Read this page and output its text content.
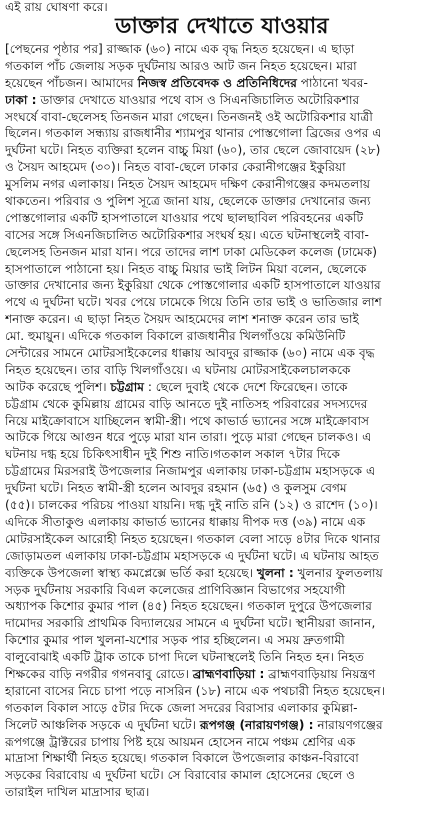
এই রায় ঘোষণা করে।
ডাক্তার দেখাতে যাওয়ার
[পেছনের পৃষ্ঠার পর] রাজ্জাক (৬০) নামে এক বৃদ্ধ নিহত হয়েছেন। এ ছাড়া
গতকাল পাঁচ জেলায় সড়ক দুর্ঘটনায় আরও আট জন নিহত হয়েছেন। মারা
হয়েছেন পাঁচজন। আমাদের নিজস্ব প্রতিবেদক ও প্রতিনিধিদের পাঠানো খবর-
ঢাকা : ডাক্তার দেখাতে যাওয়ার পথে বাস ও সিএনজিচালিত অটোরিকশার
সংঘর্ষে বাবা-ছেলেসহ তিনজন মারা গেছেন। তিনজনই ওই অটোরিকশার যাত্রী
ছিলেন। গতকাল সন্ধ্যায় রাজধানীর শ্যামপুর থানার পোস্তগোলা ব্রিজের ওপর এ
দুর্ঘটনা ঘটে। নিহত ব্যক্তিরা হলেন বাচ্চু মিয়া (৬০), তার ছেলে জোবায়েদ (২৮)
ও সৈয়দ আহমেদ (৩০)। নিহত বাবা-ছেলে ঢাকার কেরানীগঞ্জের ইকুরিয়া
মুসলিম নগর এলাকায়। নিহত সৈয়দ আহমেদ দক্ষিণ কেরানীগঞ্জের কদমতলায়
থাকতেন। পরিবার ও পুলিশ সূত্রে জানা যায়, ছেলেকে ডাক্তার দেখানোর জন্য
পোস্তগোলার একটি হাসপাতালে যাওয়ার পথে ছালছাবিল পরিবহনের একটি
বাসের সঙ্গে সিএনজিচালিত অটোরিকশার সংঘর্ষ হয়। এতে ঘটনাস্থলেই বাবা-
ছেলেসহ তিনজন মারা যান। পরে তাদের লাশ ঢাকা মেডিকেল কলেজ (ঢামেক)
হাসপাতালে পাঠানো হয়। নিহত বাচ্চু মিয়ার ভাই লিটন মিয়া বলেন, ছেলেকে
ডাক্তার দেখানোর জন্য ইকুরিয়া থেকে পোস্তগোলার একটি হাসপাতালে যাওয়ার
পথে এ দুর্ঘটনা ঘটে। খবর পেয়ে ঢামেকে গিয়ে তিনি তার ভাই ও ভাতিজার লাশ
শনাক্ত করেন। এ ছাড়া নিহত সৈয়দ আহমেদের লাশ শনাক্ত করেন তার ভাই
মো. হুমায়ুন। এদিকে গতকাল বিকালে রাজধানীর খিলগাঁওয়ে কমিউনিটি
সেন্টারের সামনে মোটরসাইকেলের ধাক্কায় আবদুর রাজ্জাক (৬০) নামে এক বৃদ্ধ
নিহত হয়েছেন। তার বাড়ি খিলগাঁওয়ে। এ ঘটনায় মোটরসাইকেলচালককে
আটক করেছে পুলিশ। চট্টগ্রাম : ছেলে দুবাই থেকে দেশে ফিরেছেন। তাকে
চট্টগ্রাম থেকে কুমিল্লায় গ্রামের বাড়ি আনতে দুই নাতিসহ পরিবারের সদস্যদের
নিয়ে মাইক্রোবাসে যাচ্ছিলেন স্বামী-স্ত্রী। পথে কাভার্ড ভ্যানের সঙ্গে মাইক্রোবাস
আটকে গিয়ে আগুন ধরে পুড়ে মারা যান তারা। পুড়ে মারা গেছেন চালকও। এ
ঘটনায় দগ্ধ হয়ে চিকিৎসাধীন দুই শিশু নাতি।গতকাল সকাল ৭টার দিকে
চট্টগ্রামের মিরসরাই উপজেলার নিজামপুর এলাকায় ঢাকা-চট্টগ্রাম মহাসড়কে এ
দুর্ঘটনা ঘটে। নিহত স্বামী-স্ত্রী হলেন আবদুর রহমান (৬৫) ও কুলসুম বেগম
(৫৫)। চালকের পরিচয় পাওয়া যায়নি। দগ্ধ দুই নাতি রনি (১২) ও রাশেদ (১০)।
এদিকে সীতাকুণ্ড এলাকায় কাভার্ড ভ্যানের ধাক্কায় দীপক দত্ত (৩৯) নামে এক
মোটরসাইকেল আরোহী নিহত হয়েছেন। গতকাল বেলা সাড়ে ৪টার দিকে থানার
জোড়ামতল এলাকায় ঢাকা-চট্টগ্রাম মহাসড়কে এ দুর্ঘটনা ঘটে। এ ঘটনায় আহত
ব্যক্তিকে উপজেলা স্বাস্থ্য কমপ্লেক্সে ভর্তি করা হয়েছে। খুলনা : খুলনার ফুলতলায়
সড়ক দুর্ঘটনায় সরকারি বিএল কলেজের প্রাণিবিজ্ঞান বিভাগের সহযোগী
অধ্যাপক কিশোর কুমার পাল (৪৫) নিহত হয়েছেন। গতকাল দুপুরে উপজেলার
দামোদর সরকারি প্রাথমিক বিদ্যালয়ের সামনে এ দুর্ঘটনা ঘটে। স্থানীয়রা জানান,
কিশোর কুমার পাল খুলনা-যশোর সড়ক পার হচ্ছিলেন। এ সময় দ্রুতগামী
বালুবোঝাই একটি ট্রাক তাকে চাপা দিলে ঘটনাস্থলেই তিনি নিহত হন। নিহত
শিক্ষকের বাড়ি নগরীর গগনবাবু রোডে। ব্রাহ্মণবাড়িয়া : ব্রাহ্মণবাড়িয়ায় নিয়ন্ত্রণ
হারানো বাসের নিচে চাপা পড়ে নাসরিন (১৮) নামে এক পথচারী নিহত হয়েছেন।
গতকাল বিকাল সাড়ে ৫টার দিকে জেলা সদরের বিরাসার এলাকার কুমিল্লা-
সিলেট আঞ্চলিক সড়কে এ দুর্ঘটনা ঘটে। রূপগঞ্জ (নারায়ণগঞ্জ) : নারায়ণগঞ্জের
রূপগঞ্জে ট্রাক্টরের চাপায় পিষ্ট হয়ে আয়মন হোসেন নামে পঞ্চম শ্রেণির এক
মাদ্রাসা শিক্ষার্থী নিহত হয়েছে। গতকাল বিকালে উপজেলার কাঞ্চন-বিরাবো
সড়কের বিরাবোয় এ দুর্ঘটনা ঘটে। সে বিরাবোর কামাল হোসেনের ছেলে ও
তারাইল দাখিল মাদ্রাসার ছাত্র।
